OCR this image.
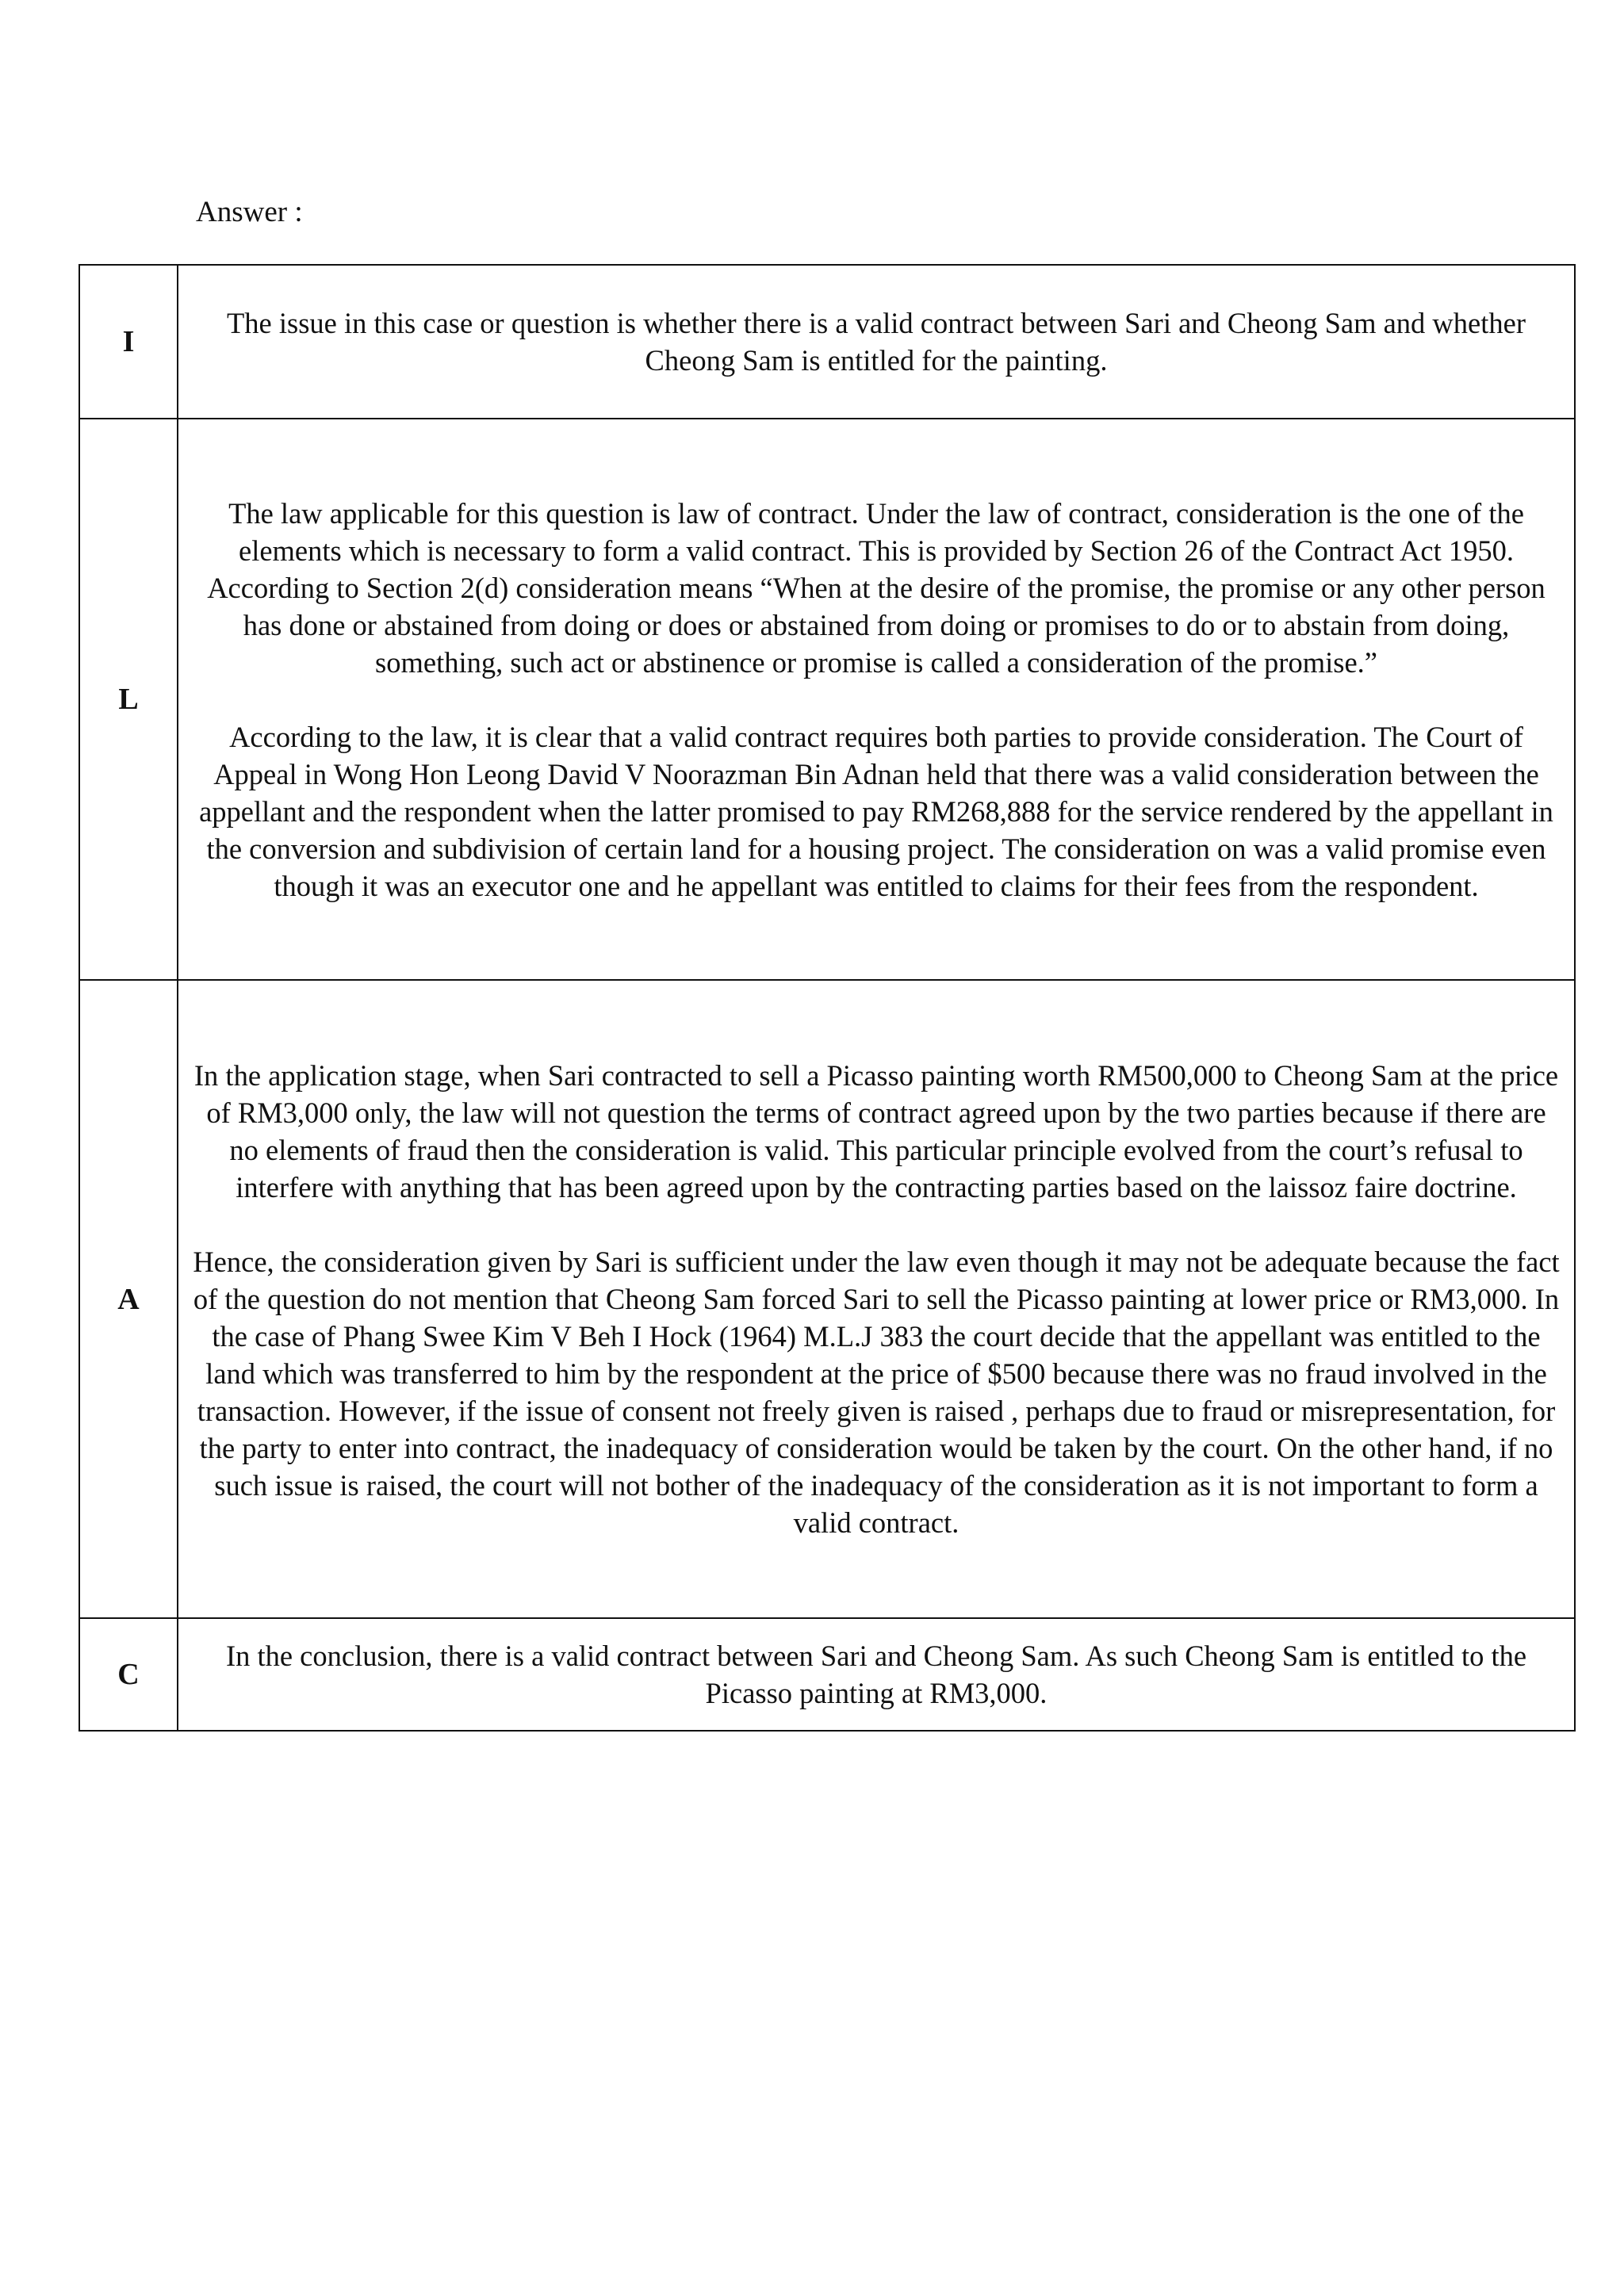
Answer :

I	The issue in this case or question is whether there is a valid contract between Sari and Cheong Sam and whether Cheong Sam is entitled for the painting.

L	The law applicable for this question is law of contract. Under the law of contract, consideration is the one of the elements which is necessary to form a valid contract. This is provided by Section 26 of the Contract Act 1950. According to Section 2(d) consideration means “When at the desire of the promise, the promise or any other person has done or abstained from doing or does or abstained from doing or promises to do or to abstain from doing, something, such act or abstinence or promise is called a consideration of the promise.”

According to the law, it is clear that a valid contract requires both parties to provide consideration. The Court of Appeal in Wong Hon Leong David V Noorazman Bin Adnan held that there was a valid consideration between the appellant and the respondent when the latter promised to pay RM268,888 for the service rendered by the appellant in the conversion and subdivision of certain land for a housing project. The consideration on was a valid promise even though it was an executor one and he appellant was entitled to claims for their fees from the respondent.

A	In the application stage, when Sari contracted to sell a Picasso painting worth RM500,000 to Cheong Sam at the price of RM3,000 only, the law will not question the terms of contract agreed upon by the two parties because if there are no elements of fraud then the consideration is valid. This particular principle evolved from the court’s refusal to interfere with anything that has been agreed upon by the contracting parties based on the laissoz faire doctrine.

Hence, the consideration given by Sari is sufficient under the law even though it may not be adequate because the fact of the question do not mention that Cheong Sam forced Sari to sell the Picasso painting at lower price or RM3,000. In the case of Phang Swee Kim V Beh I Hock (1964) M.L.J 383 the court decide that the appellant was entitled to the land which was transferred to him by the respondent at the price of $500 because there was no fraud involved in the transaction. However, if the issue of consent not freely given is raised , perhaps due to fraud or misrepresentation, for the party to enter into contract, the inadequacy of consideration would be taken by the court. On the other hand, if no such issue is raised, the court will not bother of the inadequacy of the consideration as it is not important to form a valid contract.

C	In the conclusion, there is a valid contract between Sari and Cheong Sam. As such Cheong Sam is entitled to the Picasso painting at RM3,000.
